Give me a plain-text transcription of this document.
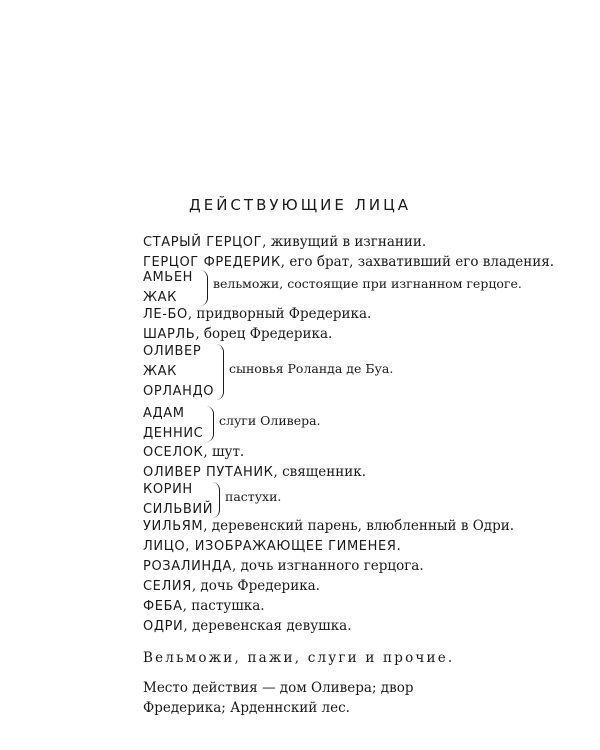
ДЕЙСТВУЮЩИЕ ЛИЦА
СТАРЫЙ ГЕРЦОГ, живущий в изгнании.
ГЕРЦОГ ФРЕДЕРИК, его брат, захвативший его владения.
АМЬЕН
ЖАК
вельможи, состоящие при изгнанном герцоге.
ЛЕ-БО, придворный Фредерика.
ШАРЛЬ, борец Фредерика.
ОЛИВЕР
ЖАК
ОРЛАНДО
сыновья Роланда де Буа.
АДАМ
ДЕННИС
слуги Оливера.
ОСЕЛОК, шут.
ОЛИВЕР ПУТАНИК, священник.
КОРИН
СИЛЬВИЙ
пастухи.
УИЛЬЯМ, деревенский парень, влюбленный в Одри.
ЛИЦО, ИЗОБРАЖАЮЩЕЕ ГИМЕНЕЯ.
РОЗАЛИНДА, дочь изгнанного герцога.
СЕЛИЯ, дочь Фредерика.
ФЕБА, пастушка.
ОДРИ, деревенская девушка.
Вельможи, пажи, слуги и прочие.
Место действия — дом Оливера; двор Фредерика; Арденнский лес.
